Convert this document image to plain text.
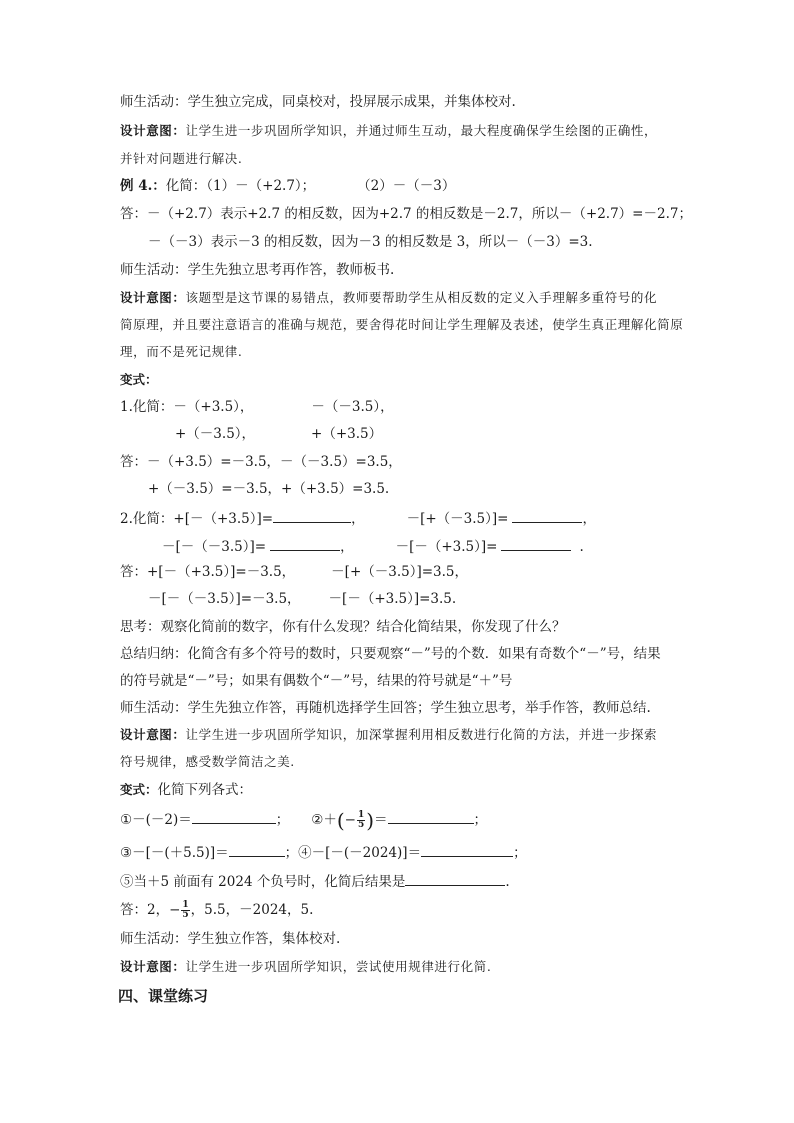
师生活动：学生独立完成，同桌校对，投屏展示成果，并集体校对.
设计意图：让学生进一步巩固所学知识，并通过师生互动，最大程度确保学生绘图的正确性，
并针对问题进行解决.
例 4.：化简：（1）－（+2.7）；	（2）－（－3）
答：－（+2.7）表示+2.7 的相反数，因为+2.7 的相反数是－2.7，所以－（+2.7）=－2.7；
－（－3）表示－3 的相反数，因为－3 的相反数是 3，所以－（－3）=3.
师生活动：学生先独立思考再作答，教师板书.
设计意图：该题型是这节课的易错点，教师要帮助学生从相反数的定义入手理解多重符号的化
简原理，并且要注意语言的准确与规范，要舍得花时间让学生理解及表述，使学生真正理解化简原
理，而不是死记规律.
变式：
1.化简：－（+3.5），	－（－3.5），
+（－3.5），	+（+3.5）
答：－（+3.5）=－3.5，－（－3.5）=3.5，
+（－3.5）=－3.5，+（+3.5）=3.5.
2.化简：+[－（+3.5）]=	，	－[+（－3.5）]=	，
－[－（－3.5）]=	，	－[－（+3.5）]=	.
答：+[－（+3.5）]=－3.5，	－[+（－3.5）]=3.5，
－[－（－3.5）]=－3.5， －[－（+3.5）]=3.5.
思考：观察化简前的数字，你有什么发现？结合化简结果，你发现了什么？
总结归纳：化简含有多个符号的数时，只要观察“－”号的个数．如果有奇数个“－”号，结果
的符号就是“－”号；如果有偶数个“－”号，结果的符号就是“＋”号
师生活动：学生先独立作答，再随机选择学生回答；学生独立思考，举手作答，教师总结.
设计意图：让学生进一步巩固所学知识，加深掌握利用相反数进行化简的方法，并进一步探索
符号规律，感受数学简洁之美.
变式：化简下列各式：
①－(－2)＝	； ②＋(− $\frac{1}{5}$ )＝	；
③－[－(＋5.5)]＝	；④－[－(－2024)]＝	；
⑤当＋5 前面有 2024 个负号时，化简后结果是	.
答：2，− $\frac{1}{5}$ ，5.5，－2024，5.
师生活动：学生独立作答，集体校对.
设计意图：让学生进一步巩固所学知识，尝试使用规律进行化简.
四、课堂练习
